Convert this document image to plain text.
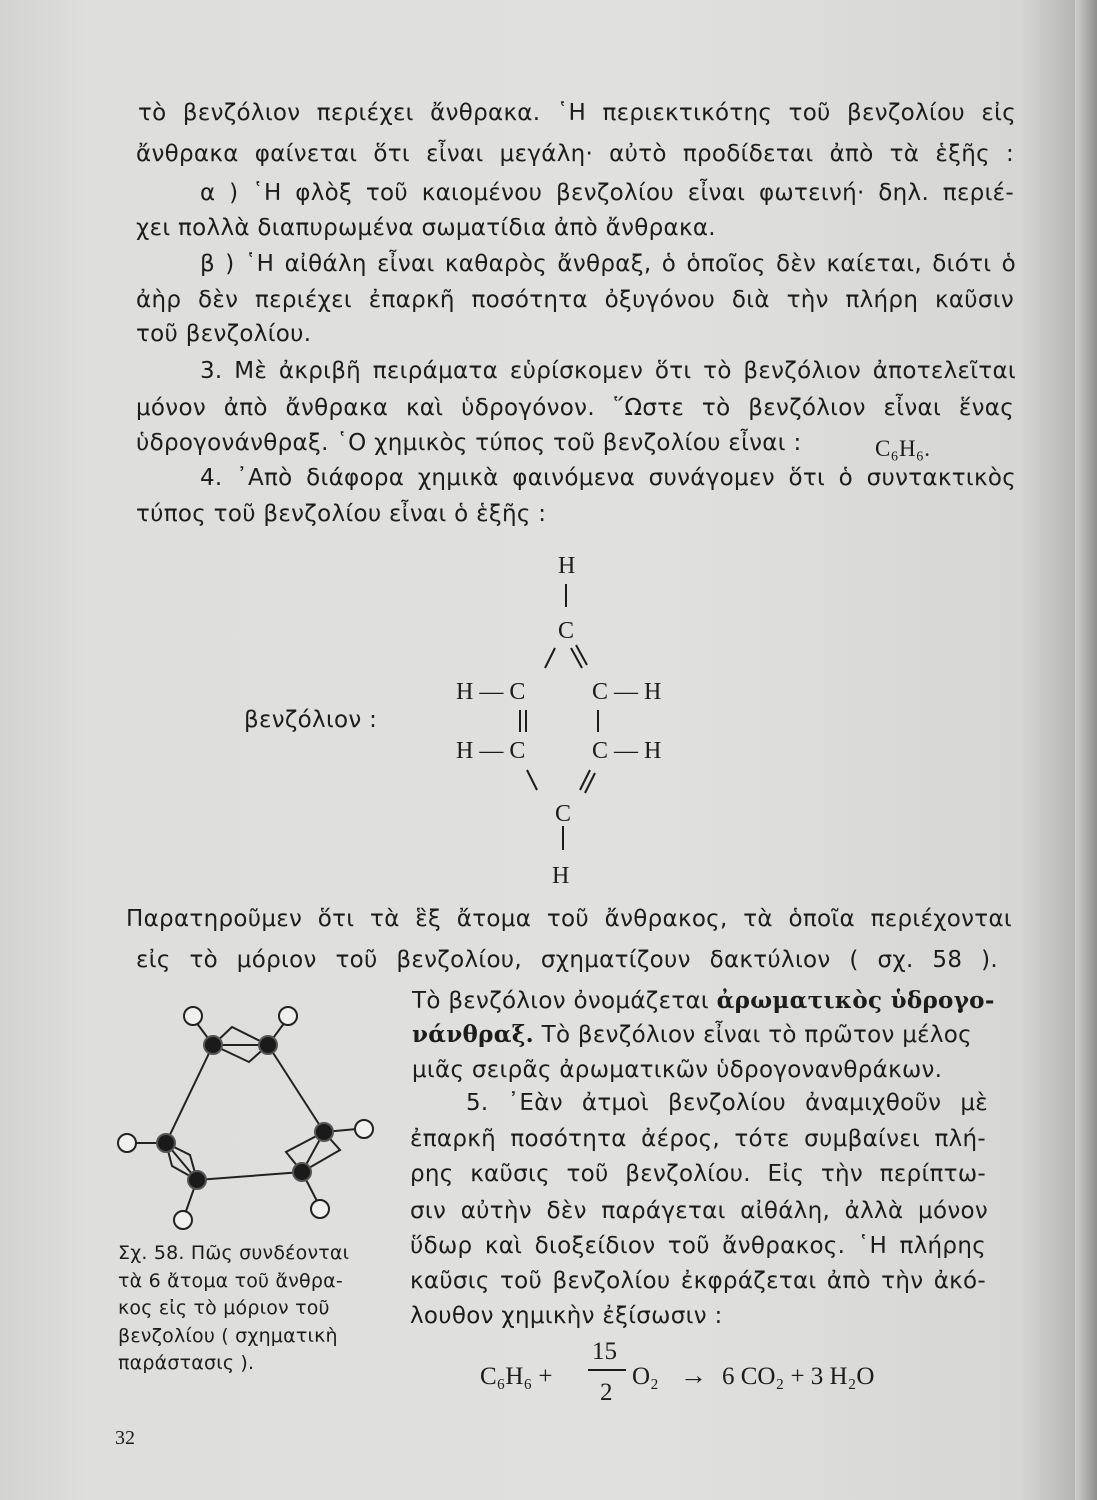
τὸ βενζόλιον περιέχει ἄνθρακα. ῾Η περιεκτικότης τοῦ βενζολίου εἰς

ἄνθρακα φαίνεται ὅτι εἶναι μεγάλη· αὐτὸ προδίδεται ἀπὸ τὰ ἑξῆς :

α ) ῾Η φλὸξ τοῦ καιομένου βενζολίου εἶναι φωτεινή· δηλ. περιέ-

χει πολλὰ διαπυρωμένα σωματίδια ἀπὸ ἄνθρακα.

β ) ῾Η αἰθάλη εἶναι καθαρὸς ἄνθραξ, ὁ ὁποῖος δὲν καίεται, διότι ὁ

ἀὴρ δὲν περιέχει ἐπαρκῆ ποσότητα ὀξυγόνου διὰ τὴν πλήρη καῦσιν

τοῦ βενζολίου.

3. Μὲ ἀκριβῆ πειράματα εὑρίσκομεν ὅτι τὸ βενζόλιον ἀποτελεῖται

μόνον ἀπὸ ἄνθρακα καὶ ὑδρογόνον. ῞Ωστε τὸ βενζόλιον εἶναι ἕνας

ὑδρογονάνθραξ. ῾Ο χημικὸς τύπος τοῦ βενζολίου εἶναι :	C₆H₆.

4. ᾿Απὸ διάφορα χημικὰ φαινόμενα συνάγομεν ὅτι ὁ συντακτικὸς

τύπος τοῦ βενζολίου εἶναι ὁ ἑξῆς :

βενζόλιον :
H
C
H — C	C — H
H — C	C — H
C
H

Παρατηροῦμεν ὅτι τὰ ἓξ ἄτομα τοῦ ἄνθρακος, τὰ ὁποῖα περιέχονται

εἰς τὸ μόριον τοῦ βενζολίου, σχηματίζουν δακτύλιον ( σχ. 58 ).

Τὸ βενζόλιον ὀνομάζεται ἀρωματικὸς ὑδρογο-

νάνθραξ. Τὸ βενζόλιον εἶναι τὸ πρῶτον μέλος

μιᾶς σειρᾶς ἀρωματικῶν ὑδρογονανθράκων.

5. ᾿Εὰν ἀτμοὶ βενζολίου ἀναμιχθοῦν μὲ

ἐπαρκῆ ποσότητα ἀέρος, τότε συμβαίνει πλή-

ρης καῦσις τοῦ βενζολίου. Εἰς τὴν περίπτω-

σιν αὐτὴν δὲν παράγεται αἰθάλη, ἀλλὰ μόνον

ὕδωρ καὶ διοξείδιον τοῦ ἄνθρακος. ῾Η πλήρης

καῦσις τοῦ βενζολίου ἐκφράζεται ἀπὸ τὴν ἀκό-

λουθον χημικὴν ἐξίσωσιν :

C₆H₆ +
15
2
O₂ → 6 CO₂ + 3 H₂O
Σχ. 58. Πῶς συνδέονται
τὰ 6 ἄτομα τοῦ ἄνθρα-
κος εἰς τὸ μόριον τοῦ
βενζολίου ( σχηματικὴ
παράστασις ).
32
